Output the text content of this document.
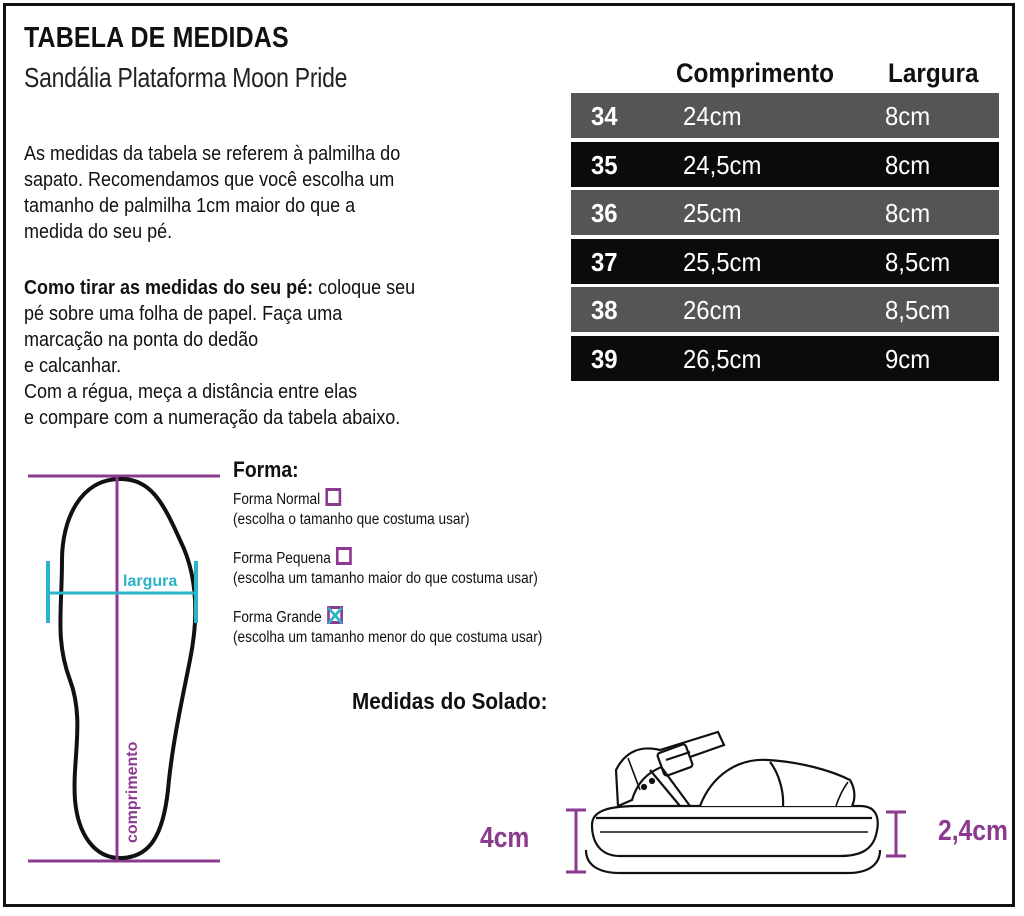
TABELA DE MEDIDAS
Sandália Plataforma Moon Pride

As medidas da tabela se referem à palmilha do

sapato. Recomendamos que você escolha um

tamanho de palmilha 1cm maior do que a

medida do seu pé.

Como tirar as medidas do seu pé: coloque seu

pé sobre uma folha de papel. Faça uma

marcação na ponta do dedão

e calcanhar.

Com a régua, meça a distância entre elas

e compare com a numeração da tabela abaixo.

Comprimento Largura
34	24cm	8cm
35	24,5cm	8cm
36	25cm	8cm
37	25,5cm	8,5cm
38	26cm	8,5cm
39	26,5cm	9cm
largura
comprimento
Forma:
Forma Normal
(escolha o tamanho que costuma usar)
Forma Pequena
(escolha um tamanho maior do que costuma usar)
Forma Grande
(escolha um tamanho menor do que costuma usar)
Medidas do Solado:
4cm	2,4cm
